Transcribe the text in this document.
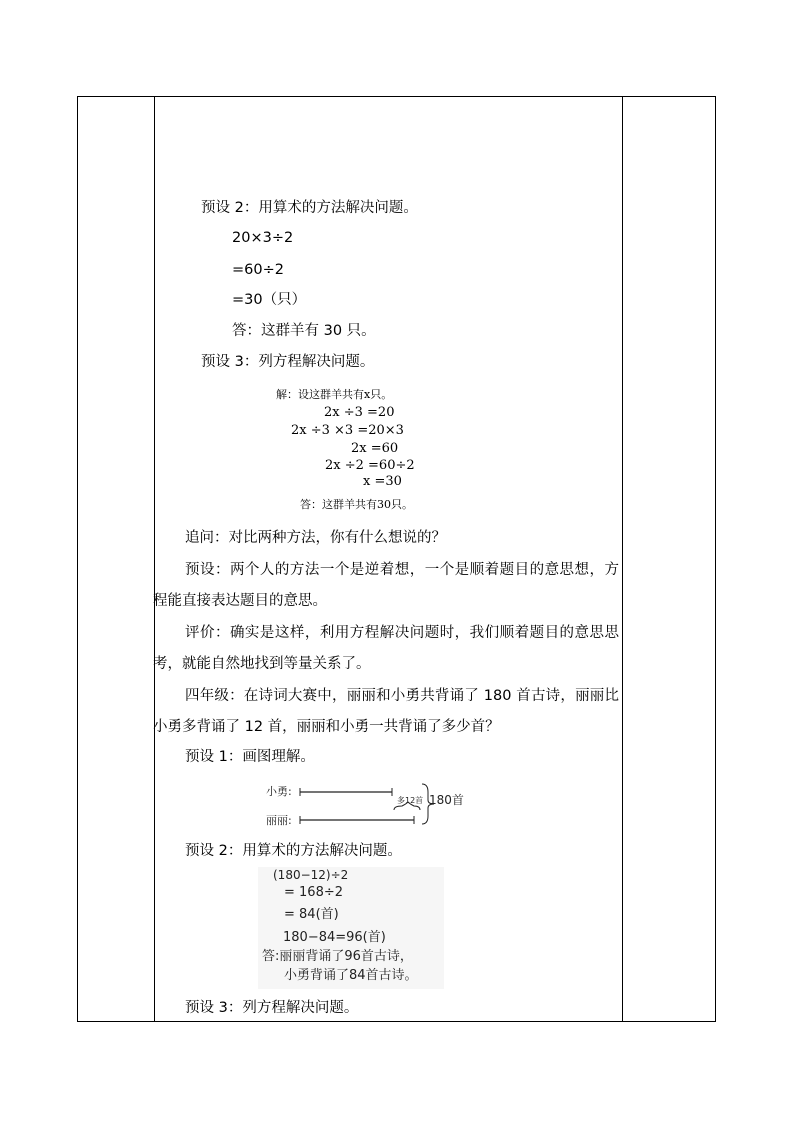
预设 2：用算术的方法解决问题。
20×3÷2
=60÷2
=30（只）
答：这群羊有 30 只。
预设 3：列方程解决问题。
解：设这群羊共有x只。
2x ÷3 =20
2x ÷3 ×3 =20×3
2x =60
2x ÷2 =60÷2
x =30
答：这群羊共有30只。
追问：对比两种方法，你有什么想说的？
预设：两个人的方法一个是逆着想，一个是顺着题目的意思想，方程能直接表达题目的意思。
评价：确实是这样，利用方程解决问题时，我们顺着题目的意思思考，就能自然地找到等量关系了。
四年级：在诗词大赛中，丽丽和小勇共背诵了 180 首古诗，丽丽比小勇多背诵了 12 首，丽丽和小勇一共背诵了多少首？
预设 1：画图理解。
小勇:
丽丽:
多12首 180首
预设 2：用算术的方法解决问题。
(180−12)÷2
= 168÷2
= 84(首)
180−84=96(首)
答:丽丽背诵了96首古诗，
小勇背诵了84首古诗。
预设 3：列方程解决问题。
